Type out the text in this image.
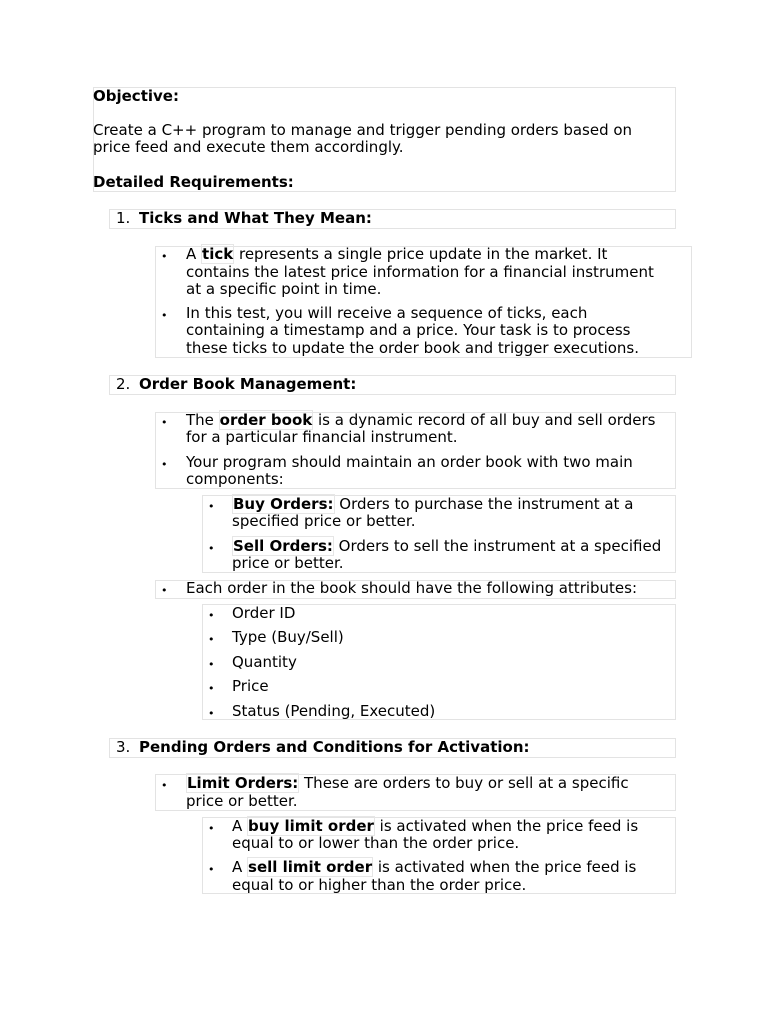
Objective:
Create a C++ program to manage and trigger pending orders based on
price feed and execute them accordingly.
Detailed Requirements:
1. Ticks and What They Mean:
• A tick represents a single price update in the market. It
contains the latest price information for a financial instrument
at a specific point in time.
• In this test, you will receive a sequence of ticks, each
containing a timestamp and a price. Your task is to process
these ticks to update the order book and trigger executions.
2. Order Book Management:
• The order book is a dynamic record of all buy and sell orders
for a particular financial instrument.
• Your program should maintain an order book with two main
components:
• Buy Orders: Orders to purchase the instrument at a
specified price or better.
• Sell Orders: Orders to sell the instrument at a specified
price or better.
• Each order in the book should have the following attributes:
• Order ID
• Type (Buy/Sell)
• Quantity
• Price
• Status (Pending, Executed)
3. Pending Orders and Conditions for Activation:
• Limit Orders: These are orders to buy or sell at a specific
price or better.
• A buy limit order is activated when the price feed is
equal to or lower than the order price.
• A sell limit order is activated when the price feed is
equal to or higher than the order price.
